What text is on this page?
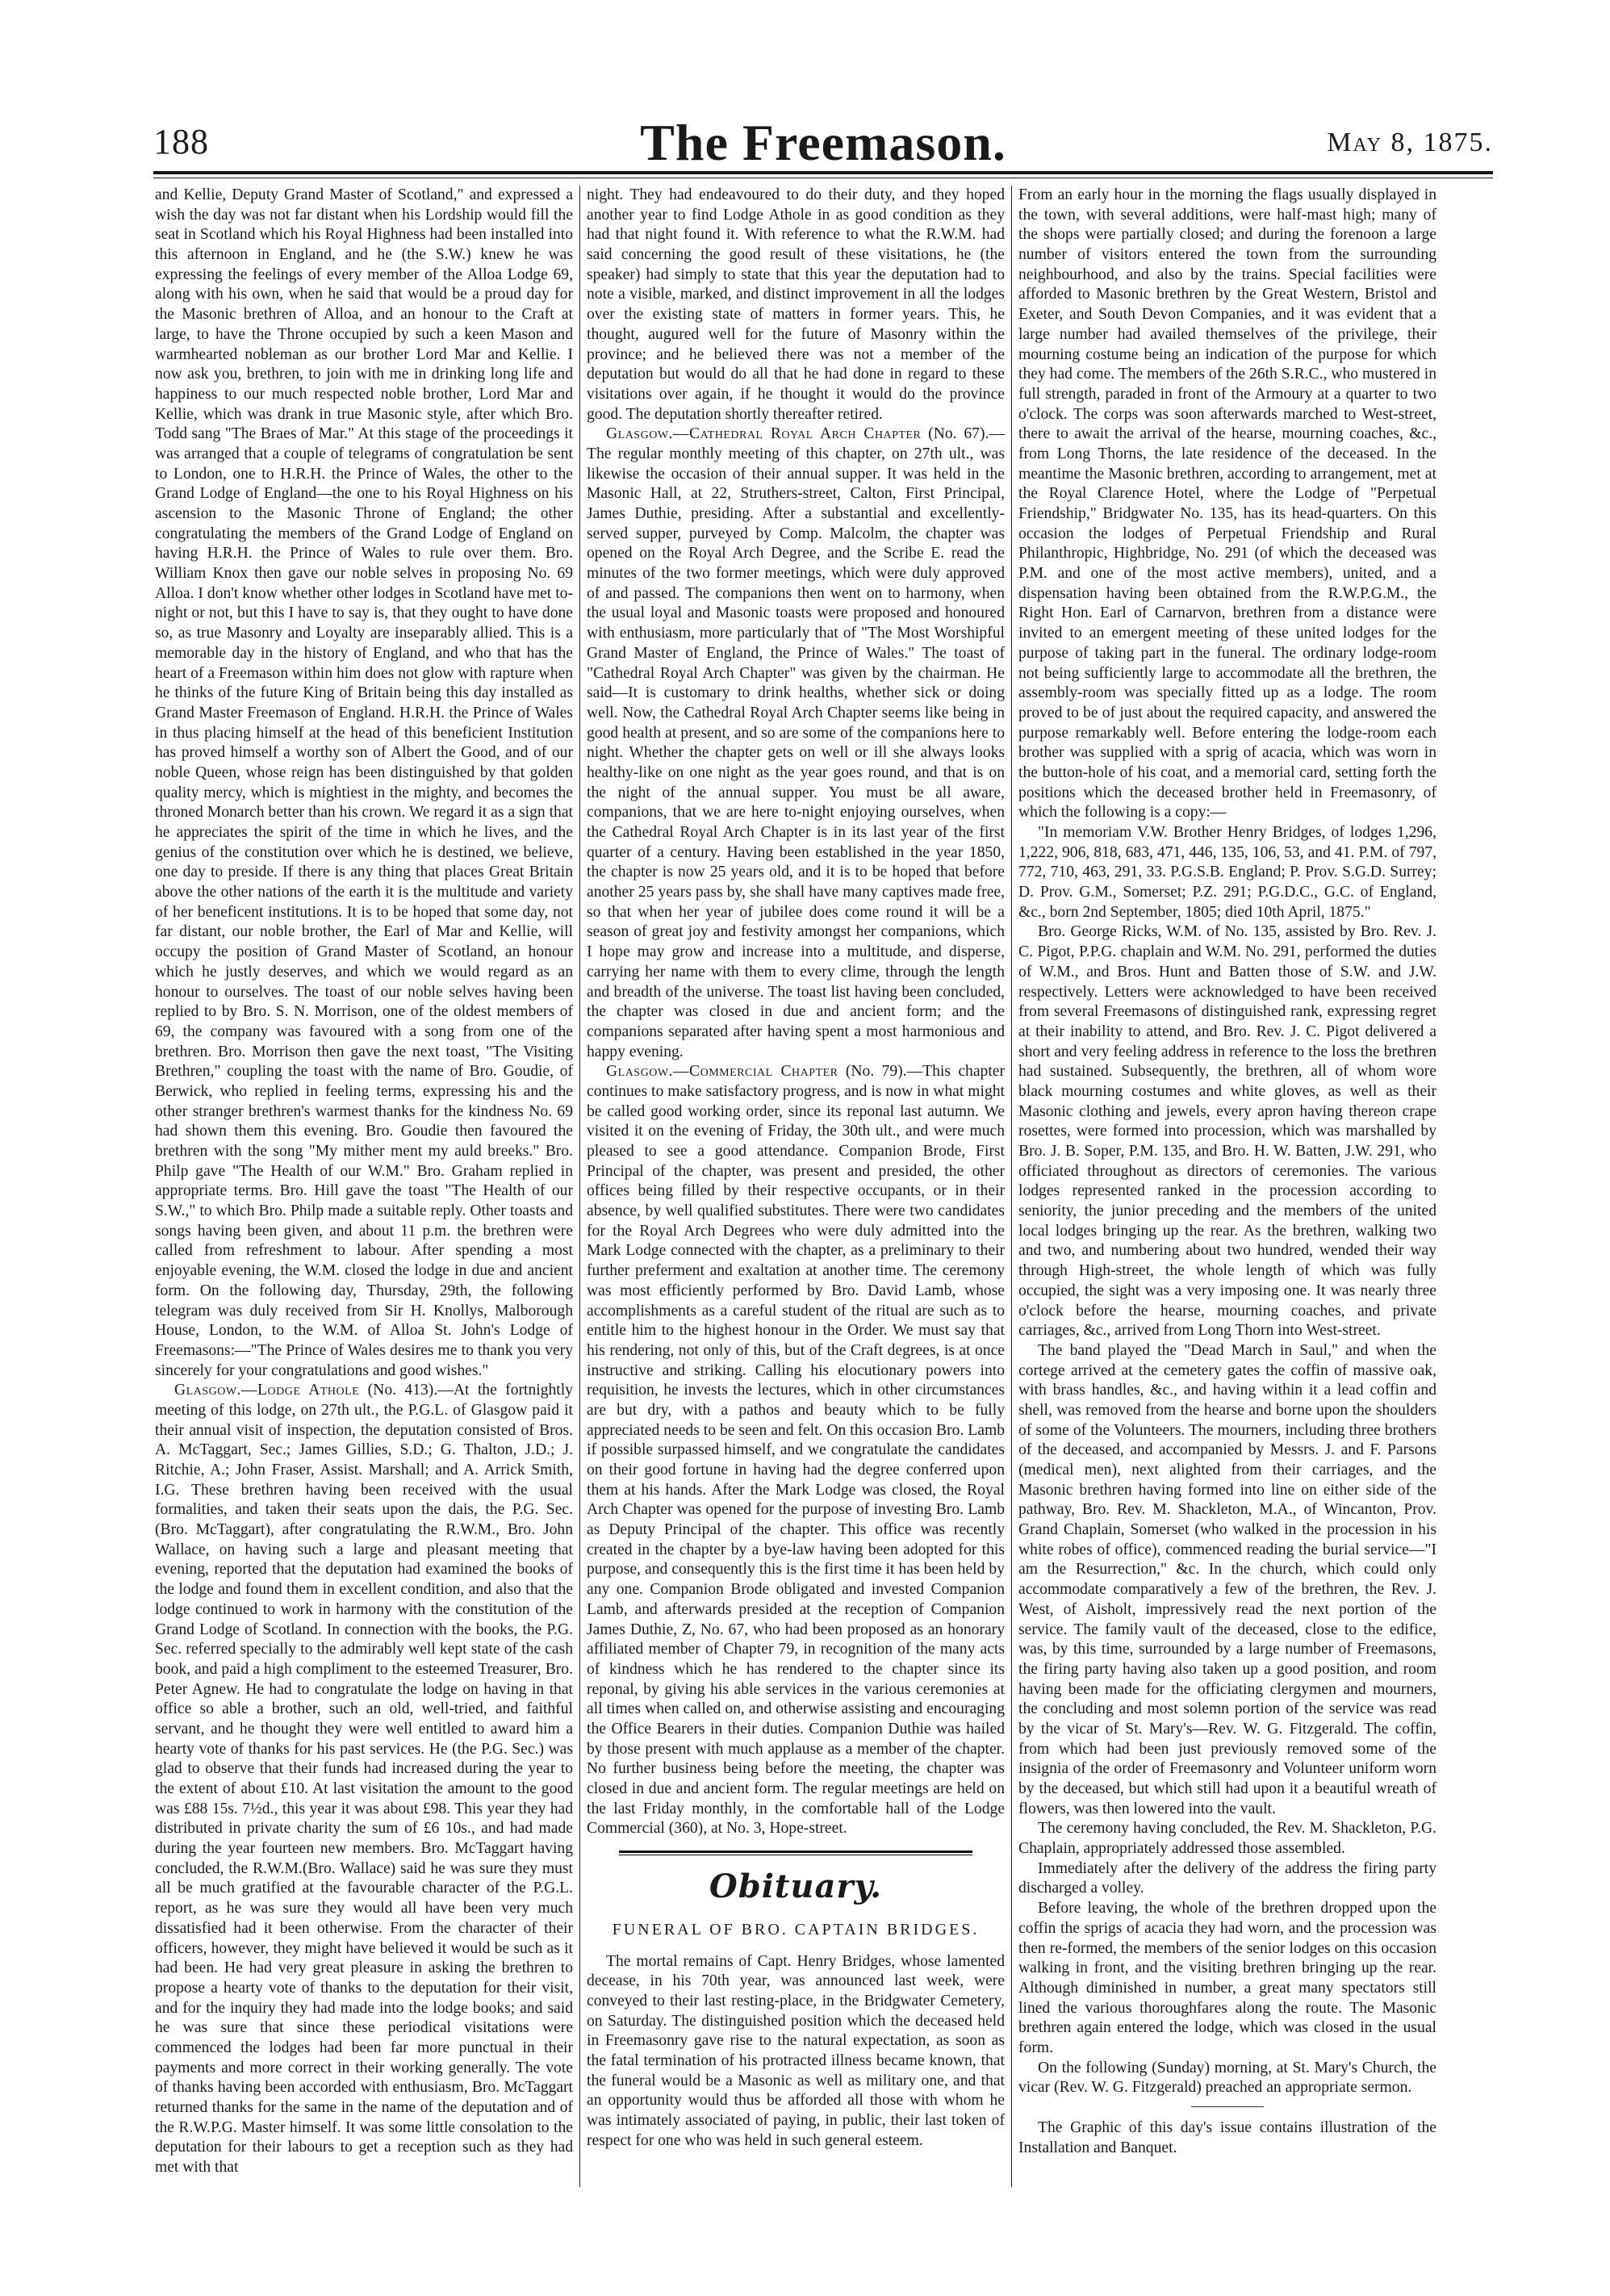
188	The Freemason.	May 8, 1875.

and Kellie, Deputy Grand Master of Scotland," and expressed a wish the day was not far distant when his Lordship would fill the seat in Scotland which his Royal Highness had been installed into this afternoon in England, and he (the S.W.) knew he was expressing the feelings of every member of the Alloa Lodge 69, along with his own, when he said that would be a proud day for the Masonic brethren of Alloa, and an honour to the Craft at large, to have the Throne occupied by such a keen Mason and warmhearted nobleman as our brother Lord Mar and Kellie. I now ask you, brethren, to join with me in drinking long life and happiness to our much respected noble brother, Lord Mar and Kellie, which was drank in true Masonic style, after which Bro. Todd sang "The Braes of Mar." At this stage of the proceedings it was arranged that a couple of telegrams of congratulation be sent to London, one to H.R.H. the Prince of Wales, the other to the Grand Lodge of England—the one to his Royal Highness on his ascension to the Masonic Throne of England; the other congratulating the members of the Grand Lodge of England on having H.R.H. the Prince of Wales to rule over them. Bro. William Knox then gave our noble selves in proposing No. 69 Alloa. I don't know whether other lodges in Scotland have met to-night or not, but this I have to say is, that they ought to have done so, as true Masonry and Loyalty are inseparably allied. This is a memorable day in the history of England, and who that has the heart of a Freemason within him does not glow with rapture when he thinks of the future King of Britain being this day installed as Grand Master Freemason of England. H.R.H. the Prince of Wales in thus placing himself at the head of this beneficient Institution has proved himself a worthy son of Albert the Good, and of our noble Queen, whose reign has been distinguished by that golden quality mercy, which is mightiest in the mighty, and becomes the throned Monarch better than his crown. We regard it as a sign that he appreciates the spirit of the time in which he lives, and the genius of the constitution over which he is destined, we believe, one day to preside. If there is any thing that places Great Britain above the other nations of the earth it is the multitude and variety of her beneficent institutions. It is to be hoped that some day, not far distant, our noble brother, the Earl of Mar and Kellie, will occupy the position of Grand Master of Scotland, an honour which he justly deserves, and which we would regard as an honour to ourselves. The toast of our noble selves having been replied to by Bro. S. N. Morrison, one of the oldest members of 69, the company was favoured with a song from one of the brethren. Bro. Morrison then gave the next toast, "The Visiting Brethren," coupling the toast with the name of Bro. Goudie, of Berwick, who replied in feeling terms, expressing his and the other stranger brethren's warmest thanks for the kindness No. 69 had shown them this evening. Bro. Goudie then favoured the brethren with the song "My mither ment my auld breeks." Bro. Philp gave "The Health of our W.M." Bro. Graham replied in appropriate terms. Bro. Hill gave the toast "The Health of our S.W.," to which Bro. Philp made a suitable reply. Other toasts and songs having been given, and about 11 p.m. the brethren were called from refreshment to labour. After spending a most enjoyable evening, the W.M. closed the lodge in due and ancient form. On the following day, Thursday, 29th, the following telegram was duly received from Sir H. Knollys, Malborough House, London, to the W.M. of Alloa St. John's Lodge of Freemasons:—"The Prince of Wales desires me to thank you very sincerely for your congratulations and good wishes."

Glasgow.—Lodge Athole (No. 413).—At the fortnightly meeting of this lodge, on 27th ult., the P.G.L. of Glasgow paid it their annual visit of inspection, the deputation consisted of Bros. A. McTaggart, Sec.; James Gillies, S.D.; G. Thalton, J.D.; J. Ritchie, A.; John Fraser, Assist. Marshall; and A. Arrick Smith, I.G. These brethren having been received with the usual formalities, and taken their seats upon the dais, the P.G. Sec. (Bro. McTaggart), after congratulating the R.W.M., Bro. John Wallace, on having such a large and pleasant meeting that evening, reported that the deputation had examined the books of the lodge and found them in excellent condition, and also that the lodge continued to work in harmony with the constitution of the Grand Lodge of Scotland. In connection with the books, the P.G. Sec. referred specially to the admirably well kept state of the cash book, and paid a high compliment to the esteemed Treasurer, Bro. Peter Agnew. He had to congratulate the lodge on having in that office so able a brother, such an old, well-tried, and faithful servant, and he thought they were well entitled to award him a hearty vote of thanks for his past services. He (the P.G. Sec.) was glad to observe that their funds had increased during the year to the extent of about £10. At last visitation the amount to the good was £88 15s. 7½d., this year it was about £98. This year they had distributed in private charity the sum of £6 10s., and had made during the year fourteen new members. Bro. McTaggart having concluded, the R.W.M.(Bro. Wallace) said he was sure they must all be much gratified at the favourable character of the P.G.L. report, as he was sure they would all have been very much dissatisfied had it been otherwise. From the character of their officers, however, they might have believed it would be such as it had been. He had very great pleasure in asking the brethren to propose a hearty vote of thanks to the deputation for their visit, and for the inquiry they had made into the lodge books; and said he was sure that since these periodical visitations were commenced the lodges had been far more punctual in their payments and more correct in their working generally. The vote of thanks having been accorded with enthusiasm, Bro. McTaggart returned thanks for the same in the name of the deputation and of the R.W.P.G. Master himself. It was some little consolation to the deputation for their labours to get a reception such as they had met with that

night. They had endeavoured to do their duty, and they hoped another year to find Lodge Athole in as good condition as they had that night found it. With reference to what the R.W.M. had said concerning the good result of these visitations, he (the speaker) had simply to state that this year the deputation had to note a visible, marked, and distinct improvement in all the lodges over the existing state of matters in former years. This, he thought, augured well for the future of Masonry within the province; and he believed there was not a member of the deputation but would do all that he had done in regard to these visitations over again, if he thought it would do the province good. The deputation shortly thereafter retired.

Glasgow.—Cathedral Royal Arch Chapter (No. 67).—The regular monthly meeting of this chapter, on 27th ult., was likewise the occasion of their annual supper. It was held in the Masonic Hall, at 22, Struthers-street, Calton, First Principal, James Duthie, presiding. After a substantial and excellently-served supper, purveyed by Comp. Malcolm, the chapter was opened on the Royal Arch Degree, and the Scribe E. read the minutes of the two former meetings, which were duly approved of and passed. The companions then went on to harmony, when the usual loyal and Masonic toasts were proposed and honoured with enthusiasm, more particularly that of "The Most Worshipful Grand Master of England, the Prince of Wales." The toast of "Cathedral Royal Arch Chapter" was given by the chairman. He said—It is customary to drink healths, whether sick or doing well. Now, the Cathedral Royal Arch Chapter seems like being in good health at present, and so are some of the companions here to night. Whether the chapter gets on well or ill she always looks healthy-like on one night as the year goes round, and that is on the night of the annual supper. You must be all aware, companions, that we are here to-night enjoying ourselves, when the Cathedral Royal Arch Chapter is in its last year of the first quarter of a century. Having been established in the year 1850, the chapter is now 25 years old, and it is to be hoped that before another 25 years pass by, she shall have many captives made free, so that when her year of jubilee does come round it will be a season of great joy and festivity amongst her companions, which I hope may grow and increase into a multitude, and disperse, carrying her name with them to every clime, through the length and breadth of the universe. The toast list having been concluded, the chapter was closed in due and ancient form; and the companions separated after having spent a most harmonious and happy evening.

Glasgow.—Commercial Chapter (No. 79).—This chapter continues to make satisfactory progress, and is now in what might be called good working order, since its reponal last autumn. We visited it on the evening of Friday, the 30th ult., and were much pleased to see a good attendance. Companion Brode, First Principal of the chapter, was present and presided, the other offices being filled by their respective occupants, or in their absence, by well qualified substitutes. There were two candidates for the Royal Arch Degrees who were duly admitted into the Mark Lodge connected with the chapter, as a preliminary to their further preferment and exaltation at another time. The ceremony was most efficiently performed by Bro. David Lamb, whose accomplishments as a careful student of the ritual are such as to entitle him to the highest honour in the Order. We must say that his rendering, not only of this, but of the Craft degrees, is at once instructive and striking. Calling his elocutionary powers into requisition, he invests the lectures, which in other circumstances are but dry, with a pathos and beauty which to be fully appreciated needs to be seen and felt. On this occasion Bro. Lamb if possible surpassed himself, and we congratulate the candidates on their good fortune in having had the degree conferred upon them at his hands. After the Mark Lodge was closed, the Royal Arch Chapter was opened for the purpose of investing Bro. Lamb as Deputy Principal of the chapter. This office was recently created in the chapter by a bye-law having been adopted for this purpose, and consequently this is the first time it has been held by any one. Companion Brode obligated and invested Companion Lamb, and afterwards presided at the reception of Companion James Duthie, Z, No. 67, who had been proposed as an honorary affiliated member of Chapter 79, in recognition of the many acts of kindness which he has rendered to the chapter since its reponal, by giving his able services in the various ceremonies at all times when called on, and otherwise assisting and encouraging the Office Bearers in their duties. Companion Duthie was hailed by those present with much applause as a member of the chapter. No further business being before the meeting, the chapter was closed in due and ancient form. The regular meetings are held on the last Friday monthly, in the comfortable hall of the Lodge Commercial (360), at No. 3, Hope-street.

Obituary.
FUNERAL OF BRO. CAPTAIN BRIDGES.

The mortal remains of Capt. Henry Bridges, whose lamented decease, in his 70th year, was announced last week, were conveyed to their last resting-place, in the Bridgwater Cemetery, on Saturday. The distinguished position which the deceased held in Freemasonry gave rise to the natural expectation, as soon as the fatal termination of his protracted illness became known, that the funeral would be a Masonic as well as military one, and that an opportunity would thus be afforded all those with whom he was intimately associated of paying, in public, their last token of respect for one who was held in such general esteem.

From an early hour in the morning the flags usually displayed in the town, with several additions, were half-mast high; many of the shops were partially closed; and during the forenoon a large number of visitors entered the town from the surrounding neighbourhood, and also by the trains. Special facilities were afforded to Masonic brethren by the Great Western, Bristol and Exeter, and South Devon Companies, and it was evident that a large number had availed themselves of the privilege, their mourning costume being an indication of the purpose for which they had come. The members of the 26th S.R.C., who mustered in full strength, paraded in front of the Armoury at a quarter to two o'clock. The corps was soon afterwards marched to West-street, there to await the arrival of the hearse, mourning coaches, &c., from Long Thorns, the late residence of the deceased. In the meantime the Masonic brethren, according to arrangement, met at the Royal Clarence Hotel, where the Lodge of "Perpetual Friendship," Bridgwater No. 135, has its head-quarters. On this occasion the lodges of Perpetual Friendship and Rural Philanthropic, Highbridge, No. 291 (of which the deceased was P.M. and one of the most active members), united, and a dispensation having been obtained from the R.W.P.G.M., the Right Hon. Earl of Carnarvon, brethren from a distance were invited to an emergent meeting of these united lodges for the purpose of taking part in the funeral. The ordinary lodge-room not being sufficiently large to accommodate all the brethren, the assembly-room was specially fitted up as a lodge. The room proved to be of just about the required capacity, and answered the purpose remarkably well. Before entering the lodge-room each brother was supplied with a sprig of acacia, which was worn in the button-hole of his coat, and a memorial card, setting forth the positions which the deceased brother held in Freemasonry, of which the following is a copy:—

"In memoriam V.W. Brother Henry Bridges, of lodges 1,296, 1,222, 906, 818, 683, 471, 446, 135, 106, 53, and 41. P.M. of 797, 772, 710, 463, 291, 33. P.G.S.B. England; P. Prov. S.G.D. Surrey; D. Prov. G.M., Somerset; P.Z. 291; P.G.D.C., G.C. of England, &c., born 2nd September, 1805; died 10th April, 1875."

Bro. George Ricks, W.M. of No. 135, assisted by Bro. Rev. J. C. Pigot, P.P.G. chaplain and W.M. No. 291, performed the duties of W.M., and Bros. Hunt and Batten those of S.W. and J.W. respectively. Letters were acknowledged to have been received from several Freemasons of distinguished rank, expressing regret at their inability to attend, and Bro. Rev. J. C. Pigot delivered a short and very feeling address in reference to the loss the brethren had sustained. Subsequently, the brethren, all of whom wore black mourning costumes and white gloves, as well as their Masonic clothing and jewels, every apron having thereon crape rosettes, were formed into procession, which was marshalled by Bro. J. B. Soper, P.M. 135, and Bro. H. W. Batten, J.W. 291, who officiated throughout as directors of ceremonies. The various lodges represented ranked in the procession according to seniority, the junior preceding and the members of the united local lodges bringing up the rear. As the brethren, walking two and two, and numbering about two hundred, wended their way through High-street, the whole length of which was fully occupied, the sight was a very imposing one. It was nearly three o'clock before the hearse, mourning coaches, and private carriages, &c., arrived from Long Thorn into West-street.

The band played the "Dead March in Saul," and when the cortege arrived at the cemetery gates the coffin of massive oak, with brass handles, &c., and having within it a lead coffin and shell, was removed from the hearse and borne upon the shoulders of some of the Volunteers. The mourners, including three brothers of the deceased, and accompanied by Messrs. J. and F. Parsons (medical men), next alighted from their carriages, and the Masonic brethren having formed into line on either side of the pathway, Bro. Rev. M. Shackleton, M.A., of Wincanton, Prov. Grand Chaplain, Somerset (who walked in the procession in his white robes of office), commenced reading the burial service—"I am the Resurrection," &c. In the church, which could only accommodate comparatively a few of the brethren, the Rev. J. West, of Aisholt, impressively read the next portion of the service. The family vault of the deceased, close to the edifice, was, by this time, surrounded by a large number of Freemasons, the firing party having also taken up a good position, and room having been made for the officiating clergymen and mourners, the concluding and most solemn portion of the service was read by the vicar of St. Mary's—Rev. W. G. Fitzgerald. The coffin, from which had been just previously removed some of the insignia of the order of Freemasonry and Volunteer uniform worn by the deceased, but which still had upon it a beautiful wreath of flowers, was then lowered into the vault.

The ceremony having concluded, the Rev. M. Shackleton, P.G. Chaplain, appropriately addressed those assembled.

Immediately after the delivery of the address the firing party discharged a volley.

Before leaving, the whole of the brethren dropped upon the coffin the sprigs of acacia they had worn, and the procession was then re-formed, the members of the senior lodges on this occasion walking in front, and the visiting brethren bringing up the rear. Although diminished in number, a great many spectators still lined the various thoroughfares along the route. The Masonic brethren again entered the lodge, which was closed in the usual form.

On the following (Sunday) morning, at St. Mary's Church, the vicar (Rev. W. G. Fitzgerald) preached an appropriate sermon.

The Graphic of this day's issue contains illustration of the Installation and Banquet.
